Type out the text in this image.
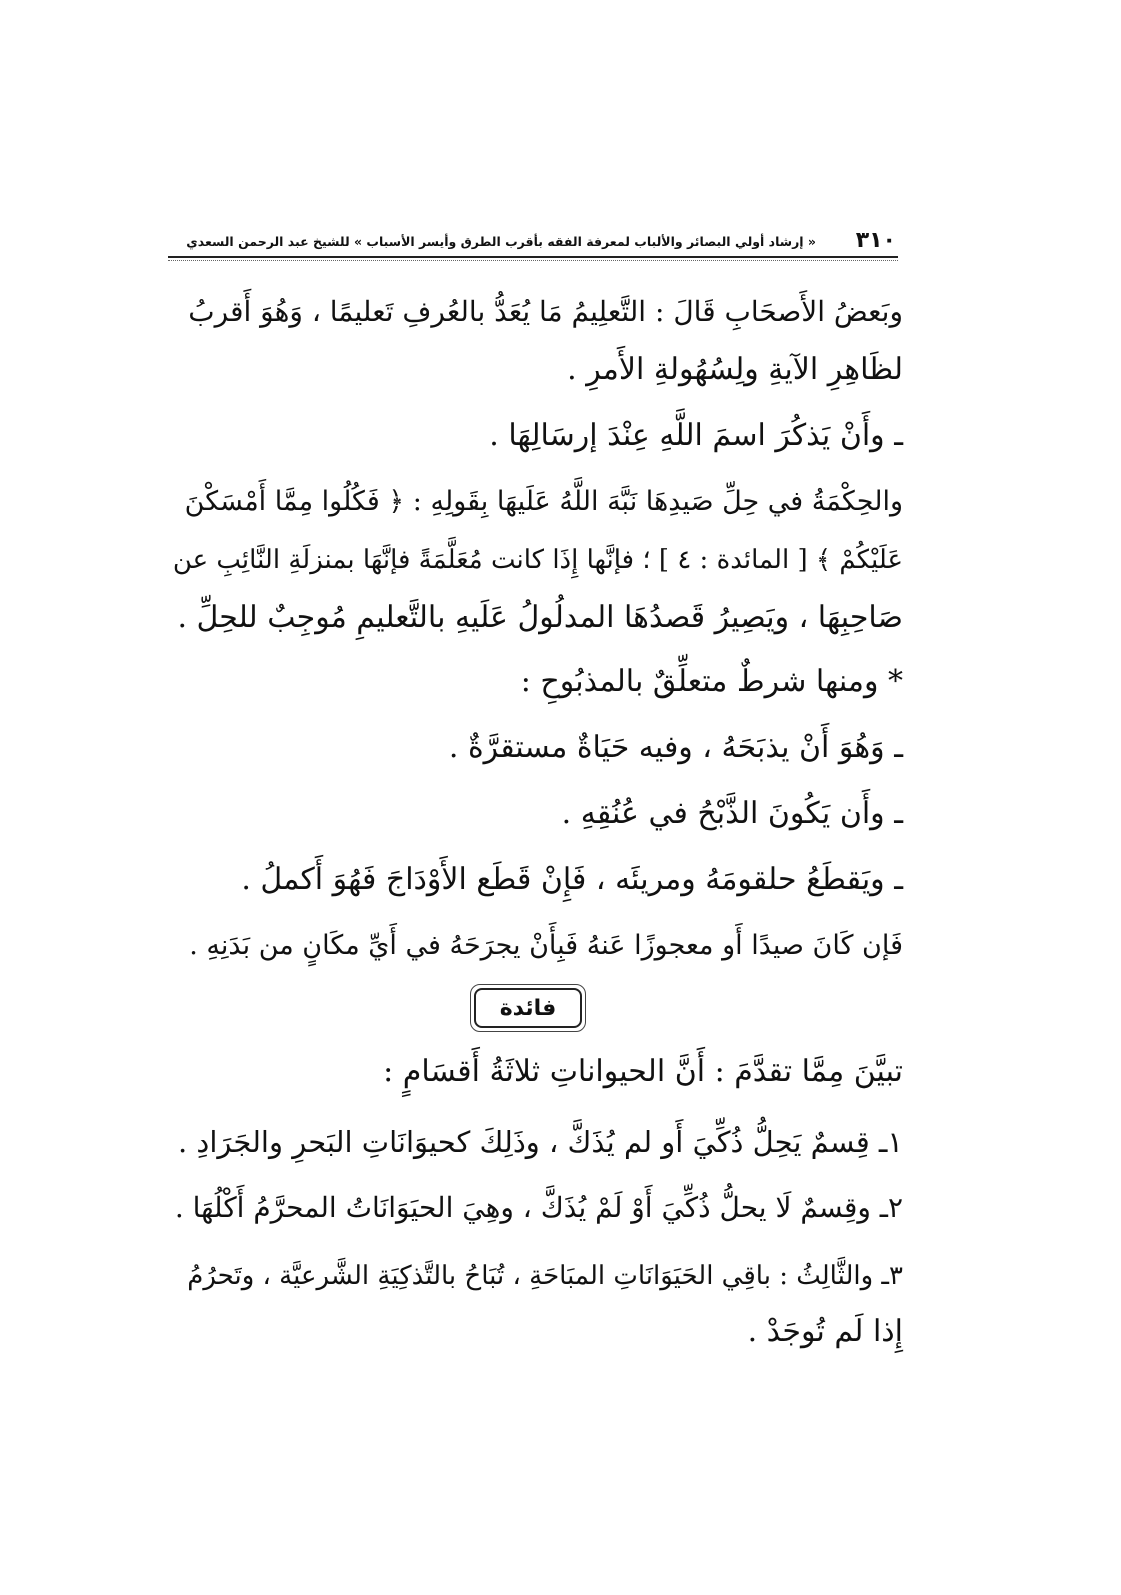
٣١٠
« إرشاد أولي البصائر والألباب لمعرفة الفقه بأقرب الطرق وأيسر الأسباب » للشيخ عبد الرحمن السعدي
وبَعضُ الأَصحَابِ قَالَ : التَّعلِيمُ مَا يُعَدُّ بالعُرفِ تَعليمًا ، وَهُوَ أَقربُ
لظَاهِرِ الآيةِ ولِسُهُولةِ الأَمرِ .
ـ وأَنْ يَذكُرَ اسمَ اللَّهِ عِنْدَ إرسَالِهَا .
والحِكْمَةُ في حِلِّ صَيدِهَا نَبَّهَ اللَّهُ عَلَيهَا بِقَولِهِ : ﴿ فَكُلُوا مِمَّا أَمْسَكْنَ
عَلَيْكُمْ ﴾ [ المائدة : ٤ ] ؛ فإنَّها إِذَا كانت مُعَلَّمَةً فإنَّهَا بمنزلَةِ النَّائِبِ عن
صَاحِبِهَا ، ويَصِيرُ قَصدُهَا المدلُولُ عَلَيهِ بالتَّعليمِ مُوجِبٌ للحِلِّ .
* ومنها شرطٌ متعلِّقٌ بالمذبُوحِ :
ـ وَهُوَ أَنْ يذبَحَهُ ، وفيه حَيَاةٌ مستقرَّةٌ .
ـ وأَن يَكُونَ الذَّبْحُ في عُنُقِهِ .
ـ ويَقطَعُ حلقومَهُ ومريئَه ، فَإِنْ قَطَع الأَوْدَاجَ فَهُوَ أَكملُ .
فَإن كَانَ صيدًا أَو معجوزًا عَنهُ فَبِأَنْ يجرَحَهُ في أَيِّ مكَانٍ من بَدَنِهِ .
فائدة
تبيَّنَ مِمَّا تقدَّمَ : أَنَّ الحيواناتِ ثلاثَةُ أَقسَامٍ :
١ـ قِسمٌ يَحِلُّ ذُكِّيَ أَو لم يُذَكَّ ، وذَلِكَ كحيوَانَاتِ البَحرِ والجَرَادِ .
٢ـ وقِسمٌ لَا يحلُّ ذُكِّيَ أَوْ لَمْ يُذَكَّ ، وهِيَ الحيَوَانَاتُ المحرَّمُ أَكْلُهَا .
٣ـ والثَّالِثُ : باقِي الحَيَوَانَاتِ المبَاحَةِ ، تُبَاحُ بالتَّذكِيَةِ الشَّرعيَّة ، وتَحرُمُ
إِذا لَم تُوجَدْ .
